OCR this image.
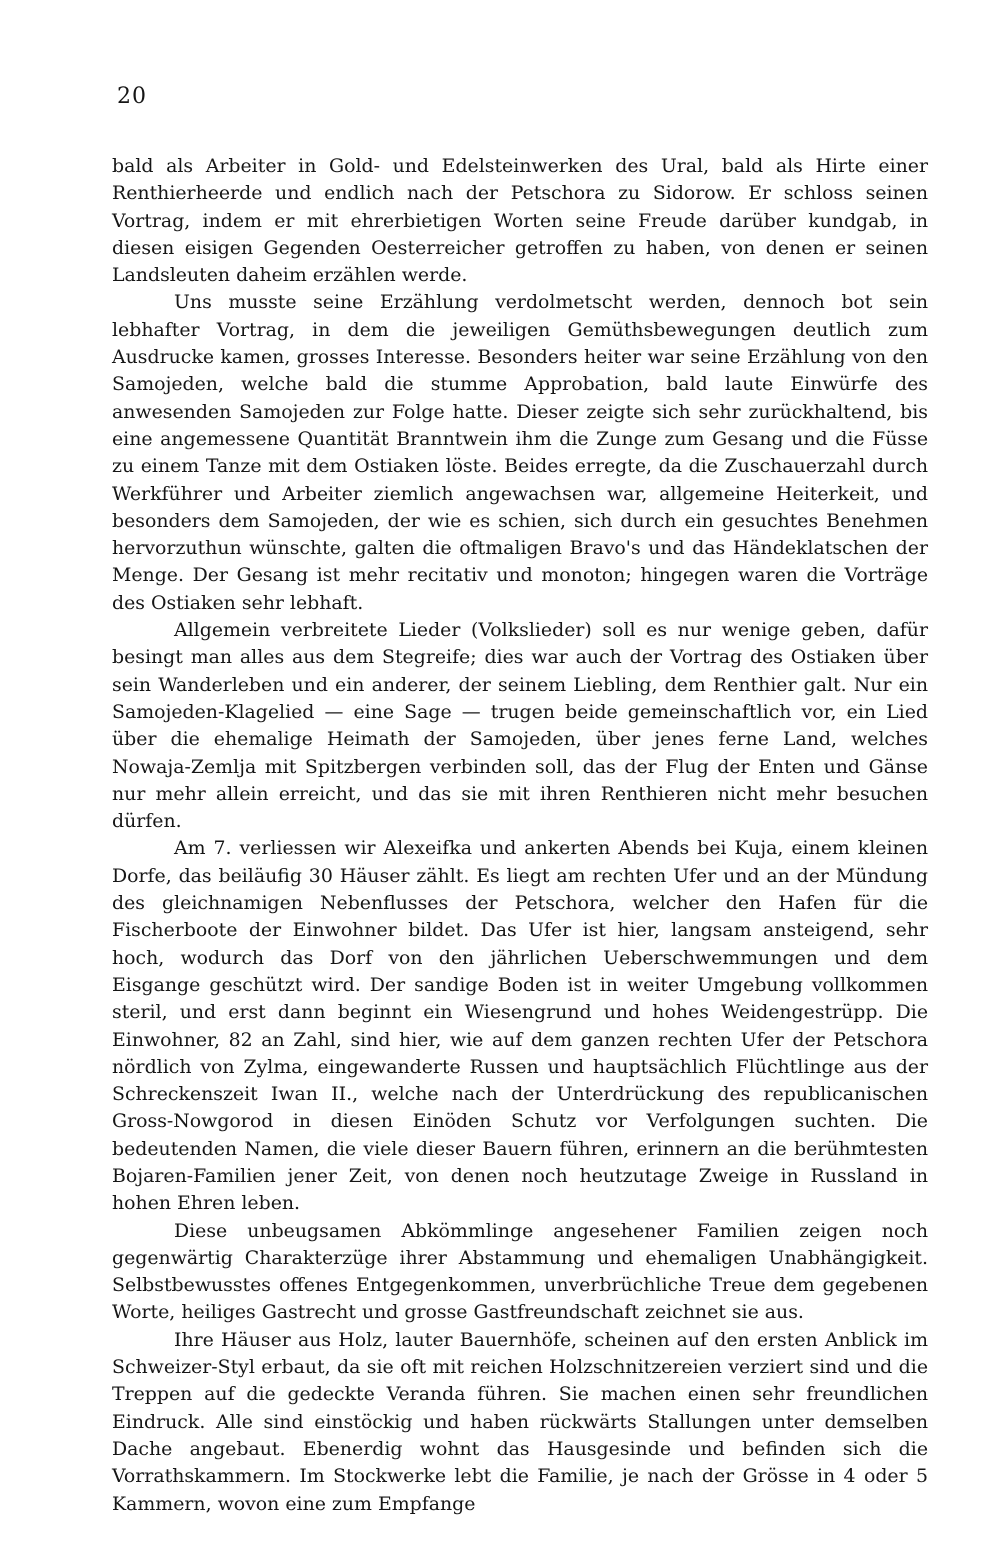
20

bald als Arbeiter in Gold- und Edelsteinwerken des Ural, bald als Hirte einer Renthierheerde und endlich nach der Petschora zu Sidorow. Er schloss seinen Vortrag, indem er mit ehrerbietigen Worten seine Freude darüber kundgab, in diesen eisigen Gegenden Oesterreicher getroffen zu haben, von denen er seinen Landsleuten daheim erzählen werde.

Uns musste seine Erzählung verdolmetscht werden, dennoch bot sein lebhafter Vortrag, in dem die jeweiligen Gemüthsbewegungen deutlich zum Ausdrucke kamen, grosses Interesse. Besonders heiter war seine Erzählung von den Samojeden, welche bald die stumme Approbation, bald laute Einwürfe des anwesenden Samojeden zur Folge hatte. Dieser zeigte sich sehr zurückhaltend, bis eine angemessene Quantität Branntwein ihm die Zunge zum Gesang und die Füsse zu einem Tanze mit dem Ostiaken löste. Beides erregte, da die Zuschauerzahl durch Werkführer und Arbeiter ziemlich angewachsen war, allgemeine Heiterkeit, und besonders dem Samojeden, der wie es schien, sich durch ein gesuchtes Benehmen hervorzuthun wünschte, galten die oftmaligen Bravo's und das Händeklatschen der Menge. Der Gesang ist mehr recitativ und monoton; hingegen waren die Vorträge des Ostiaken sehr lebhaft.

Allgemein verbreitete Lieder (Volkslieder) soll es nur wenige geben, dafür besingt man alles aus dem Stegreife; dies war auch der Vortrag des Ostiaken über sein Wanderleben und ein anderer, der seinem Liebling, dem Renthier galt. Nur ein Samojeden-Klagelied — eine Sage — trugen beide gemeinschaftlich vor, ein Lied über die ehemalige Heimath der Samojeden, über jenes ferne Land, welches Nowaja-Zemlja mit Spitzbergen verbinden soll, das der Flug der Enten und Gänse nur mehr allein erreicht, und das sie mit ihren Renthieren nicht mehr besuchen dürfen.

Am 7. verliessen wir Alexeifka und ankerten Abends bei Kuja, einem kleinen Dorfe, das beiläufig 30 Häuser zählt. Es liegt am rechten Ufer und an der Mündung des gleichnamigen Nebenflusses der Petschora, welcher den Hafen für die Fischerboote der Einwohner bildet. Das Ufer ist hier, langsam ansteigend, sehr hoch, wodurch das Dorf von den jährlichen Ueberschwemmungen und dem Eisgange geschützt wird. Der sandige Boden ist in weiter Umgebung vollkommen steril, und erst dann beginnt ein Wiesengrund und hohes Weidengestrüpp. Die Einwohner, 82 an Zahl, sind hier, wie auf dem ganzen rechten Ufer der Petschora nördlich von Zylma, eingewanderte Russen und hauptsächlich Flüchtlinge aus der Schreckenszeit Iwan II., welche nach der Unterdrückung des republicanischen Gross-Nowgorod in diesen Einöden Schutz vor Verfolgungen suchten. Die bedeutenden Namen, die viele dieser Bauern führen, erinnern an die berühmtesten Bojaren-Familien jener Zeit, von denen noch heutzutage Zweige in Russland in hohen Ehren leben.

Diese unbeugsamen Abkömmlinge angesehener Familien zeigen noch gegenwärtig Charakterzüge ihrer Abstammung und ehemaligen Unabhängigkeit. Selbstbewusstes offenes Entgegenkommen, unverbrüchliche Treue dem gegebenen Worte, heiliges Gastrecht und grosse Gastfreundschaft zeichnet sie aus.

Ihre Häuser aus Holz, lauter Bauernhöfe, scheinen auf den ersten Anblick im Schweizer-Styl erbaut, da sie oft mit reichen Holzschnitzereien verziert sind und die Treppen auf die gedeckte Veranda führen. Sie machen einen sehr freundlichen Eindruck. Alle sind einstöckig und haben rückwärts Stallungen unter demselben Dache angebaut. Ebenerdig wohnt das Hausgesinde und befinden sich die Vorrathskammern. Im Stockwerke lebt die Familie, je nach der Grösse in 4 oder 5 Kammern, wovon eine zum Empfange
